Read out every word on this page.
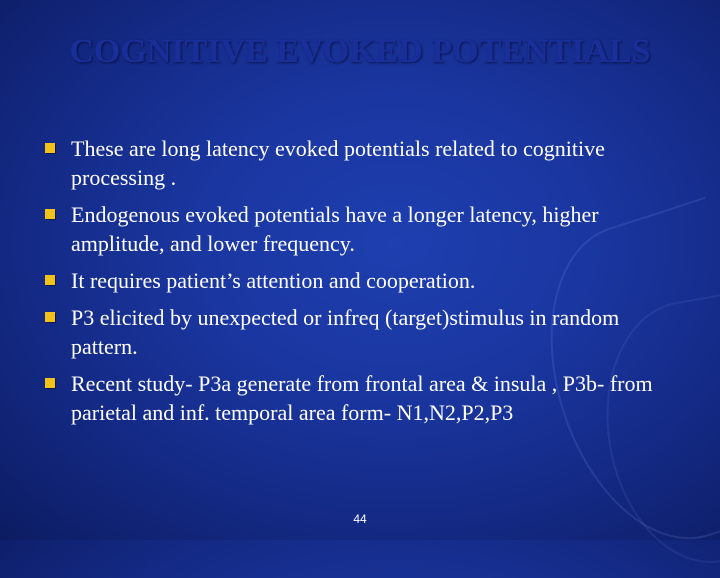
COGNITIVE EVOKED POTENTIALS
These are long latency evoked potentials related to cognitive processing .
Endogenous evoked potentials have a longer latency, higher amplitude, and lower frequency.
It requires patient’s attention and cooperation.
P3 elicited by unexpected or infreq (target)stimulus in random pattern.
Recent study- P3a generate from frontal area & insula , P3b- from parietal and inf. temporal area form- N1,N2,P2,P3
44
